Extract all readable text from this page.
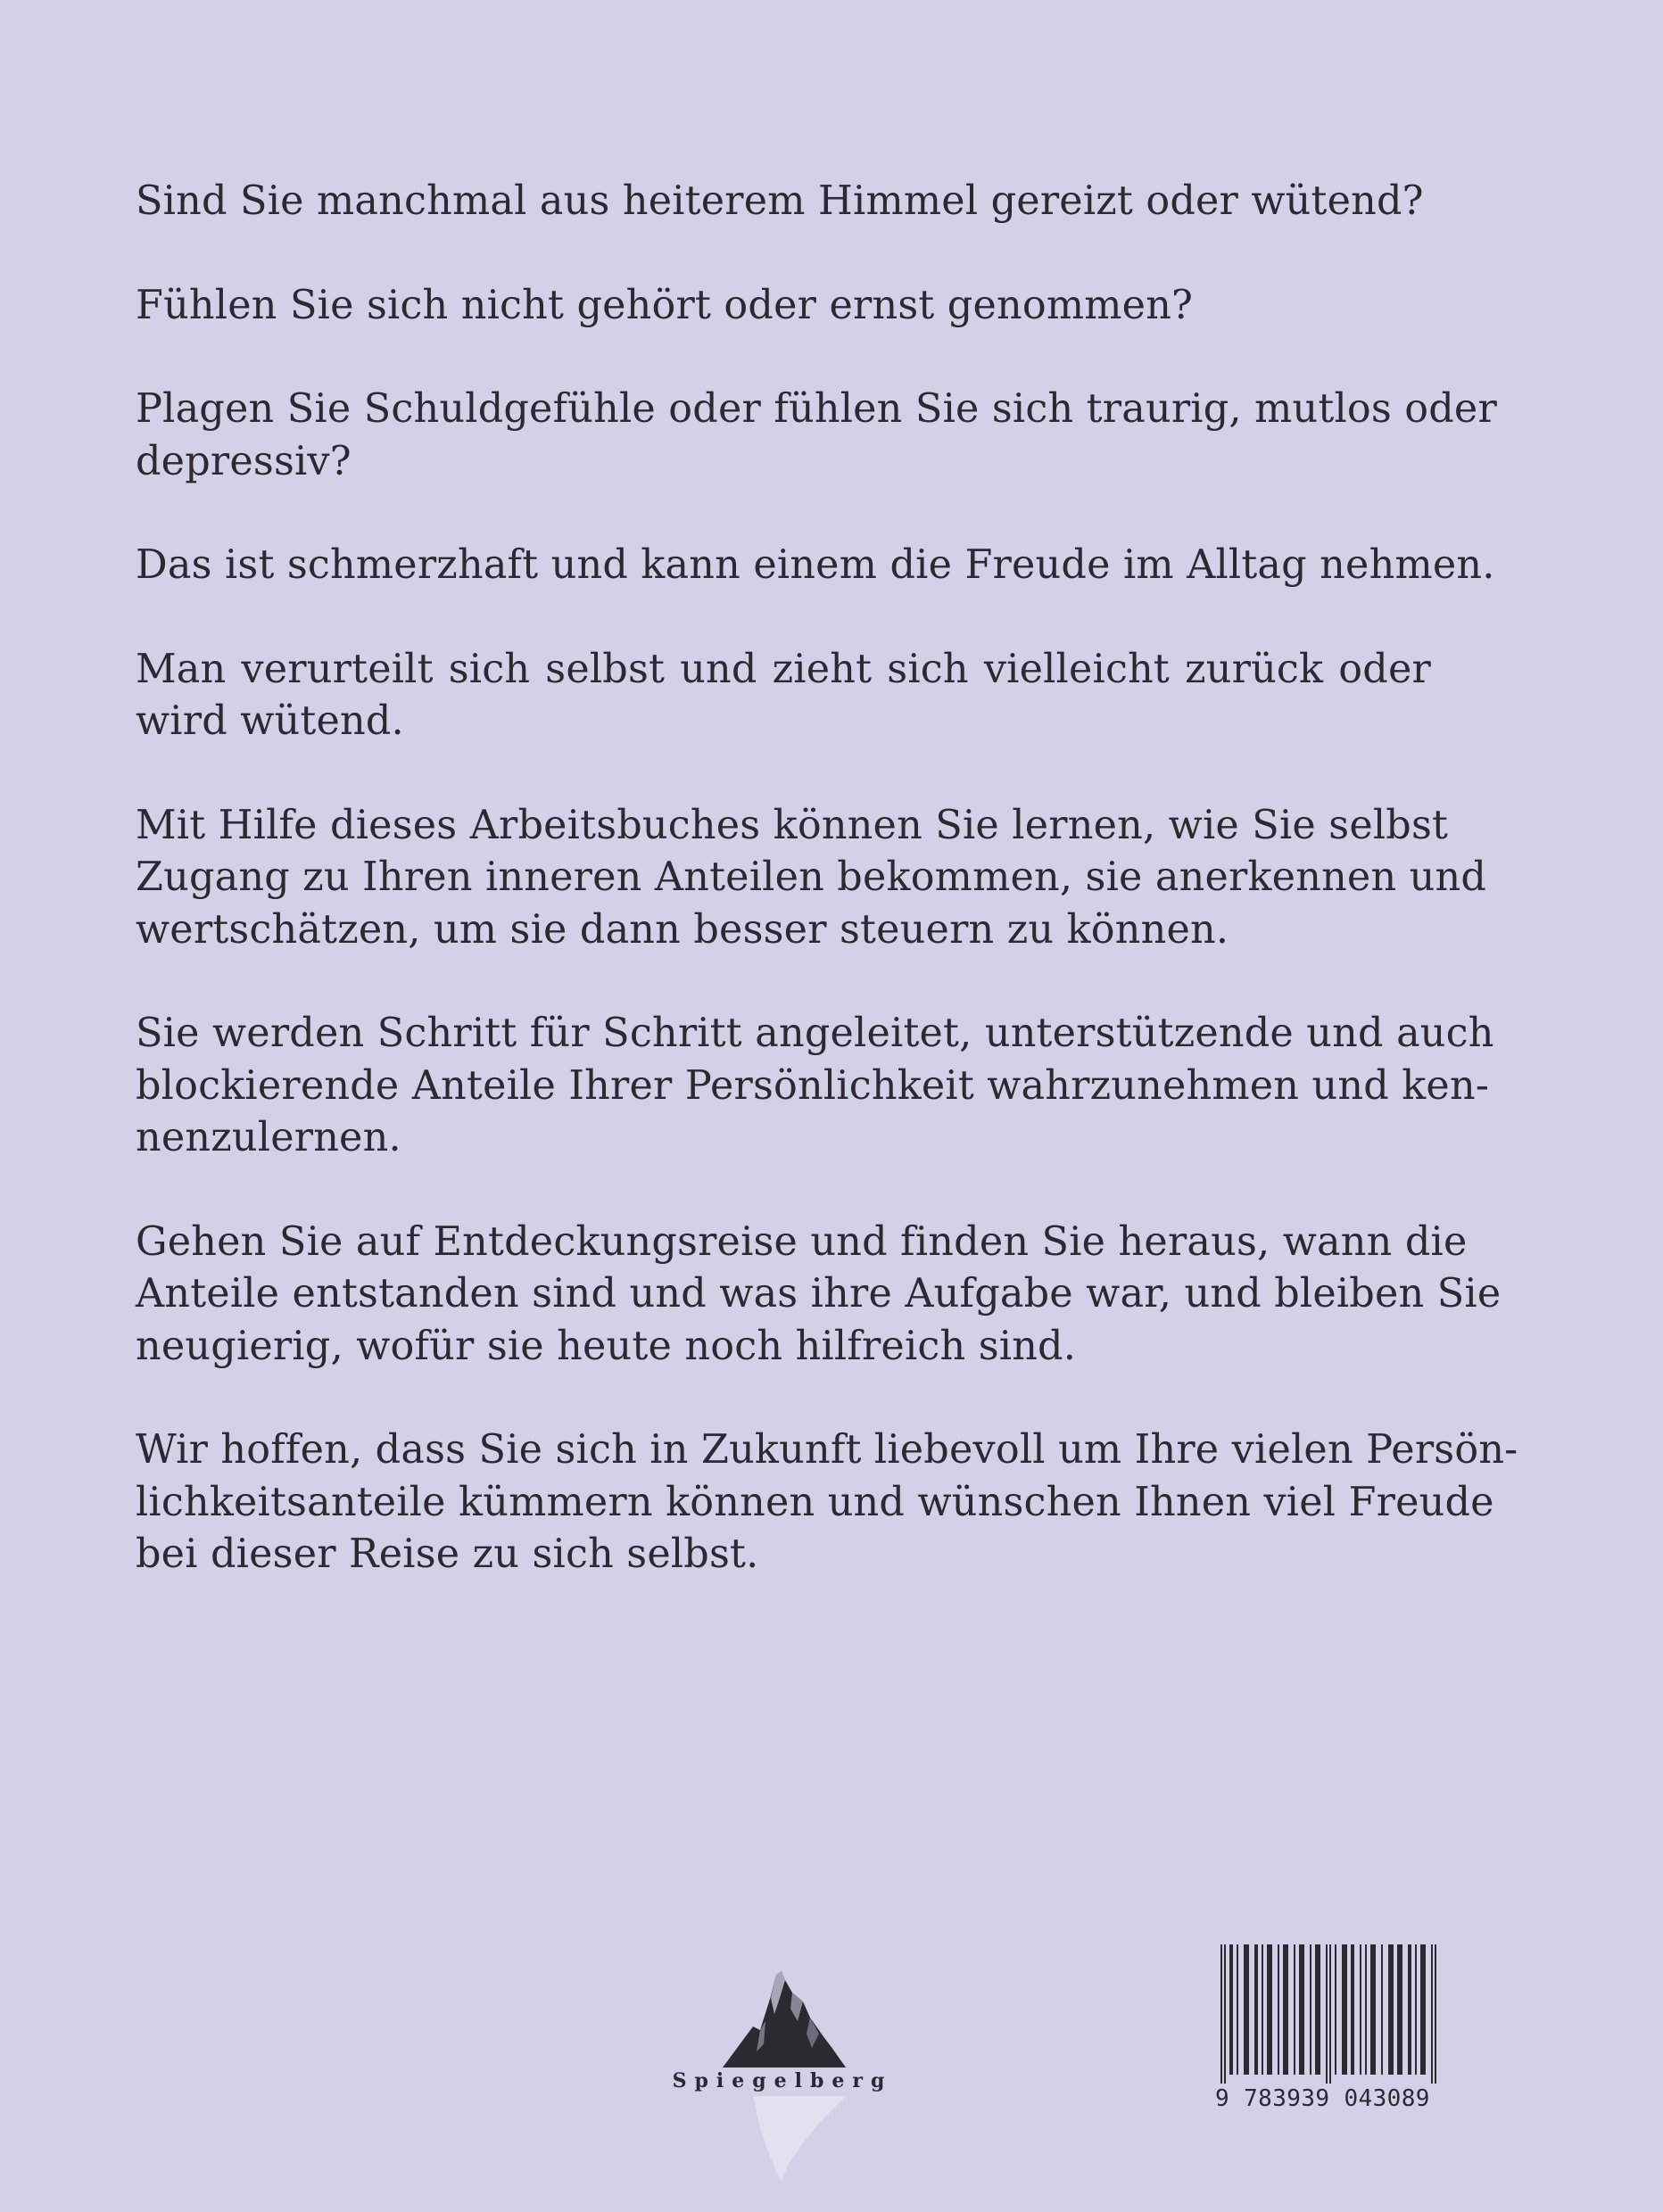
Sind Sie manchmal aus heiterem Himmel gereizt oder wütend?

Fühlen Sie sich nicht gehört oder ernst genommen?

Plagen Sie Schuldgefühle oder fühlen Sie sich traurig, mutlos oder
depressiv?

Das ist schmerzhaft und kann einem die Freude im Alltag nehmen.

Man verurteilt sich selbst und zieht sich vielleicht zurück oder
wird wütend.

Mit Hilfe dieses Arbeitsbuches können Sie lernen, wie Sie selbst
Zugang zu Ihren inneren Anteilen bekommen, sie anerkennen und
wertschätzen, um sie dann besser steuern zu können.

Sie werden Schritt für Schritt angeleitet, unterstützende und auch
blockierende Anteile Ihrer Persönlichkeit wahrzunehmen und ken-
nenzulernen.

Gehen Sie auf Entdeckungsreise und finden Sie heraus, wann die
Anteile entstanden sind und was ihre Aufgabe war, und bleiben Sie
neugierig, wofür sie heute noch hilfreich sind.

Wir hoffen, dass Sie sich in Zukunft liebevoll um Ihre vielen Persön-
lichkeitsanteile kümmern können und wünschen Ihnen viel Freude
bei dieser Reise zu sich selbst.

Spiegelberg
9 783939 043089
